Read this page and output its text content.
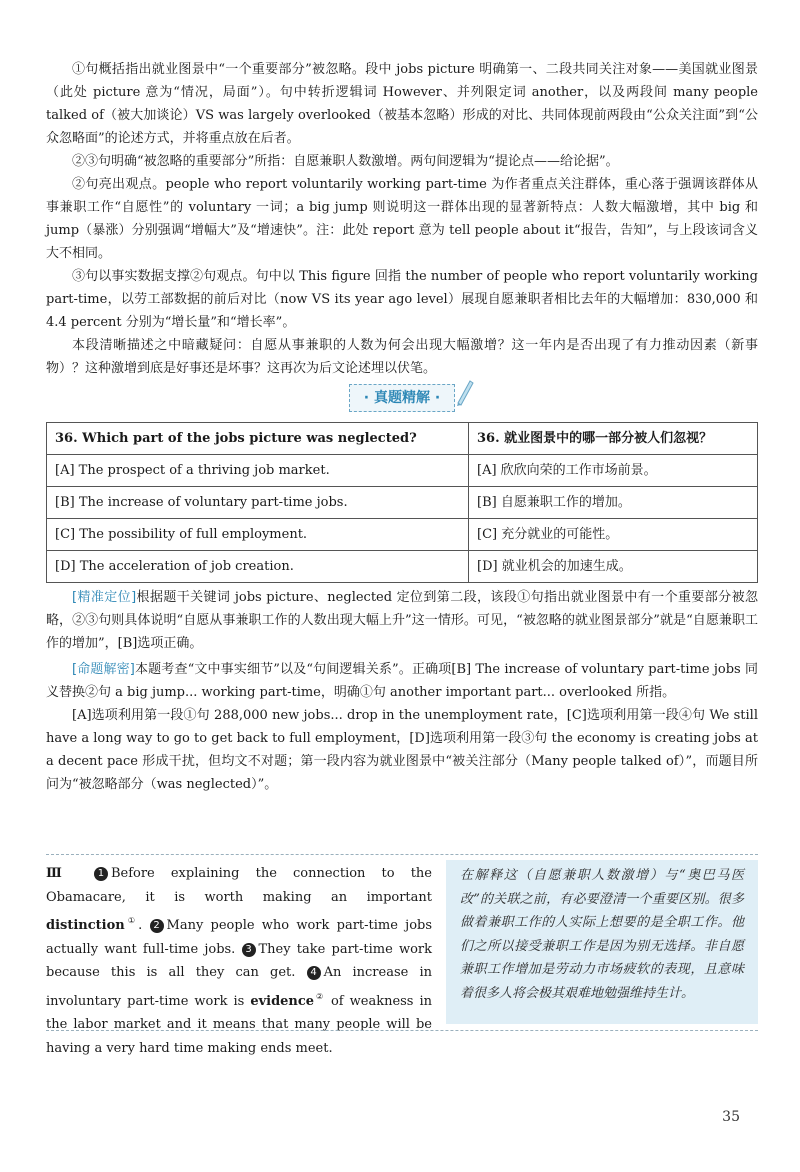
①句概括指出就业图景中“一个重要部分”被忽略。段中 jobs picture 明确第一、二段共同关注对象——美国就业图景（此处 picture 意为“情况，局面”）。句中转折逻辑词 However、并列限定词 another，以及两段间 many people talked of（被大加谈论）VS was largely overlooked（被基本忽略）形成的对比、共同体现前两段由“公众关注面”到“公众忽略面”的论述方式，并将重点放在后者。

②③句明确“被忽略的重要部分”所指：自愿兼职人数激增。两句间逻辑为“提论点——给论据”。

②句亮出观点。people who report voluntarily working part-time 为作者重点关注群体，重心落于强调该群体从事兼职工作“自愿性”的 voluntary 一词；a big jump 则说明这一群体出现的显著新特点：人数大幅激增，其中 big 和 jump（暴涨）分别强调“增幅大”及“增速快”。注：此处 report 意为 tell people about it“报告，告知”，与上段该词含义大不相同。

③句以事实数据支撑②句观点。句中以 This figure 回指 the number of people who report voluntarily working part-time，以劳工部数据的前后对比（now VS its year ago level）展现自愿兼职者相比去年的大幅增加：830,000 和 4.4 percent 分别为“增长量”和“增长率”。

本段清晰描述之中暗藏疑问：自愿从事兼职的人数为何会出现大幅激增？这一年内是否出现了有力推动因素（新事物）？这种激增到底是好事还是坏事？这再次为后文论述埋以伏笔。

· 真题精解 ·
36. Which part of the jobs picture was neglected?	36. 就业图景中的哪一部分被人们忽视？
[A] The prospect of a thriving job market.	[A] 欣欣向荣的工作市场前景。
[B] The increase of voluntary part-time jobs.	[B] 自愿兼职工作的增加。
[C] The possibility of full employment.	[C] 充分就业的可能性。
[D] The acceleration of job creation.	[D] 就业机会的加速生成。

[精准定位]根据题干关键词 jobs picture、neglected 定位到第二段，该段①句指出就业图景中有一个重要部分被忽略，②③句则具体说明“自愿从事兼职工作的人数出现大幅上升”这一情形。可见，“被忽略的就业图景部分”就是“自愿兼职工作的增加”，[B]选项正确。

[命题解密]本题考查“文中事实细节”以及“句间逻辑关系”。正确项[B] The increase of voluntary part-time jobs 同义替换②句 a big jump... working part-time，明确①句 another important part... overlooked 所指。

[A]选项利用第一段①句 288,000 new jobs... drop in the unemployment rate，[C]选项利用第一段④句 We still have a long way to go to get back to full employment，[D]选项利用第一段③句 the economy is creating jobs at a decent pace 形成干扰，但均文不对题；第一段内容为就业图景中“被关注部分（Many people talked of）”，而题目所问为“被忽略部分（was neglected）”。

Ⅲ 1 Before explaining the connection to the Obamacare, it is worth making an important distinction①. 2 Many people who work part-time jobs actually want full-time jobs. 3 They take part-time work because this is all they can get. 4 An increase in involuntary part-time work is evidence② of weakness in the labor market and it means that many people will be having a very hard time making ends meet.
在解释这（自愿兼职人数激增）与“奥巴马医改”的关联之前，有必要澄清一个重要区别。很多做着兼职工作的人实际上想要的是全职工作。他们之所以接受兼职工作是因为别无选择。非自愿兼职工作增加是劳动力市场疲软的表现，且意味着很多人将会极其艰难地勉强维持生计。
35
